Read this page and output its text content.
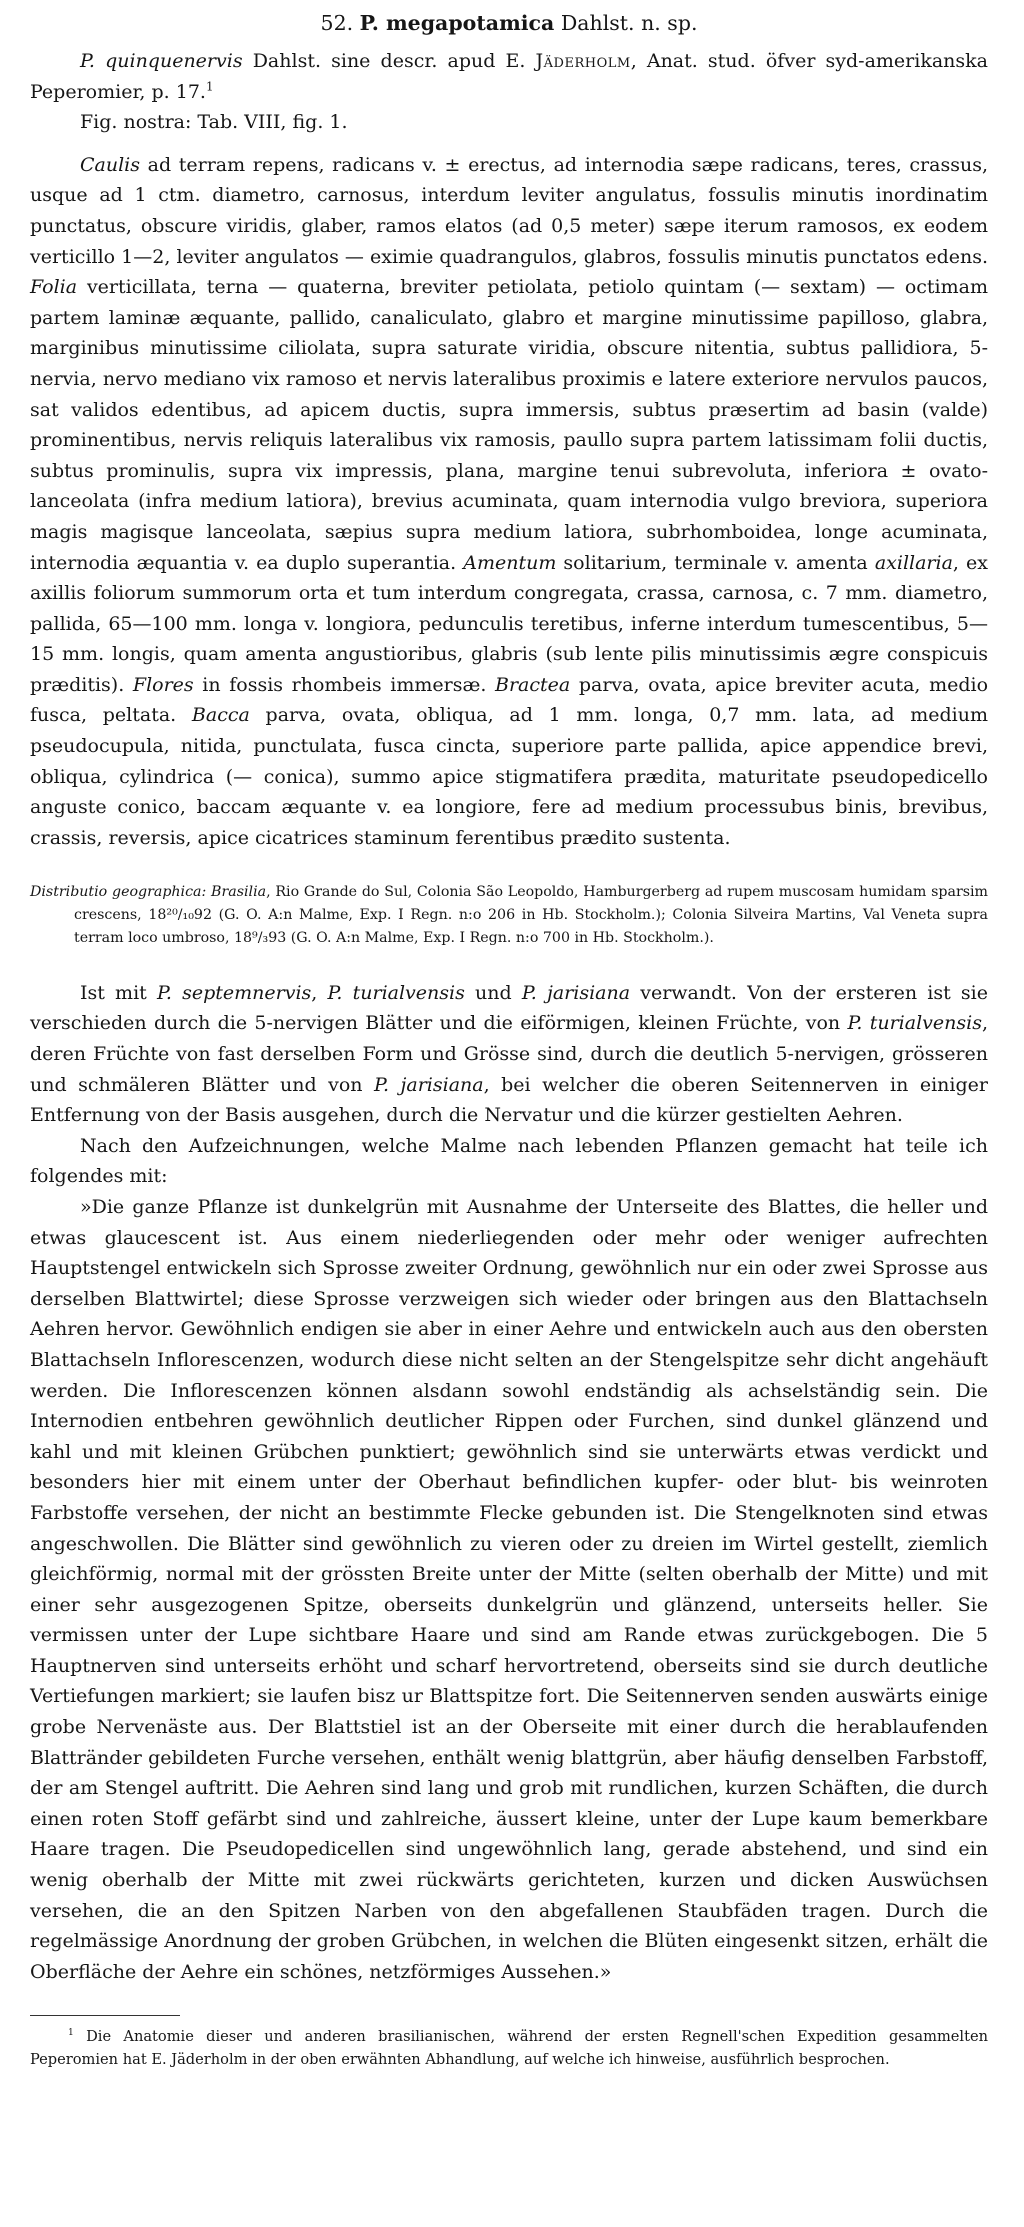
52. P. megapotamica Dahlst. n. sp.

P. quinquenervis Dahlst. sine descr. apud E. Jäderholm, Anat. stud. öfver syd-amerikanska Peperomier, p. 17.$^1$

Fig. nostra: Tab. VIII, fig. 1.

Caulis ad terram repens, radicans v. ± erectus, ad internodia sæpe radicans, teres, crassus, usque ad 1 ctm. diametro, carnosus, interdum leviter angulatus, fossulis minutis inordinatim punctatus, obscure viridis, glaber, ramos elatos (ad 0,5 meter) sæpe iterum ramosos, ex eodem verticillo 1—2, leviter angulatos — eximie quadrangulos, glabros, fossulis minutis punctatos edens. Folia verticillata, terna — quaterna, breviter petiolata, petiolo quintam (— sextam) — octimam partem laminæ æquante, pallido, canaliculato, glabro et margine minutissime papilloso, glabra, marginibus minutissime ciliolata, supra saturate viridia, obscure nitentia, subtus pallidiora, 5-nervia, nervo mediano vix ramoso et nervis lateralibus proximis e latere exteriore nervulos paucos, sat validos edentibus, ad apicem ductis, supra immersis, subtus præsertim ad basin (valde) prominentibus, nervis reliquis lateralibus vix ramosis, paullo supra partem latissimam folii ductis, subtus prominulis, supra vix impressis, plana, margine tenui subrevoluta, inferiora ± ovato-lanceolata (infra medium latiora), brevius acuminata, quam internodia vulgo breviora, superiora magis magisque lanceolata, sæpius supra medium latiora, subrhomboidea, longe acuminata, internodia æquantia v. ea duplo superantia. Amentum solitarium, terminale v. amenta axillaria, ex axillis foliorum summorum orta et tum interdum congregata, crassa, carnosa, c. 7 mm. diametro, pallida, 65—100 mm. longa v. longiora, pedunculis teretibus, inferne interdum tumescentibus, 5—15 mm. longis, quam amenta angustioribus, glabris (sub lente pilis minutissimis ægre conspicuis præditis). Flores in fossis rhombeis immersæ. Bractea parva, ovata, apice breviter acuta, medio fusca, peltata. Bacca parva, ovata, obliqua, ad 1 mm. longa, 0,7 mm. lata, ad medium pseudocupula, nitida, punctulata, fusca cincta, superiore parte pallida, apice appendice brevi, obliqua, cylindrica (— conica), summo apice stigmatifera prædita, maturitate pseudopedicello anguste conico, baccam æquante v. ea longiore, fere ad medium processubus binis, brevibus, crassis, reversis, apice cicatrices staminum ferentibus prædito sustenta.

Distributio geographica: Brasilia, Rio Grande do Sul, Colonia São Leopoldo, Hamburgerberg ad rupem muscosam humidam sparsim crescens, 18²⁰/₁₀92 (G. O. A:n Malme, Exp. I Regn. n:o 206 in Hb. Stockholm.); Colonia Silveira Martins, Val Veneta supra terram loco umbroso, 18⁹/₃93 (G. O. A:n Malme, Exp. I Regn. n:o 700 in Hb. Stockholm.).

Ist mit P. septemnervis, P. turialvensis und P. jarisiana verwandt. Von der ersteren ist sie verschieden durch die 5-nervigen Blätter und die eiförmigen, kleinen Früchte, von P. turialvensis, deren Früchte von fast derselben Form und Grösse sind, durch die deutlich 5-nervigen, grösseren und schmäleren Blätter und von P. jarisiana, bei welcher die oberen Seitennerven in einiger Entfernung von der Basis ausgehen, durch die Nervatur und die kürzer gestielten Aehren.

Nach den Aufzeichnungen, welche Malme nach lebenden Pflanzen gemacht hat teile ich folgendes mit:

»Die ganze Pflanze ist dunkelgrün mit Ausnahme der Unterseite des Blattes, die heller und etwas glaucescent ist. Aus einem niederliegenden oder mehr oder weniger aufrechten Hauptstengel entwickeln sich Sprosse zweiter Ordnung, gewöhnlich nur ein oder zwei Sprosse aus derselben Blattwirtel; diese Sprosse verzweigen sich wieder oder bringen aus den Blattachseln Aehren hervor. Gewöhnlich endigen sie aber in einer Aehre und entwickeln auch aus den obersten Blattachseln Inflorescenzen, wodurch diese nicht selten an der Stengelspitze sehr dicht angehäuft werden. Die Inflorescenzen können alsdann sowohl endständig als achselständig sein. Die Internodien entbehren gewöhnlich deutlicher Rippen oder Furchen, sind dunkel glänzend und kahl und mit kleinen Grübchen punktiert; gewöhnlich sind sie unterwärts etwas verdickt und besonders hier mit einem unter der Oberhaut befindlichen kupfer- oder blut- bis weinroten Farbstoffe versehen, der nicht an bestimmte Flecke gebunden ist. Die Stengelknoten sind etwas angeschwollen. Die Blätter sind gewöhnlich zu vieren oder zu dreien im Wirtel gestellt, ziemlich gleichförmig, normal mit der grössten Breite unter der Mitte (selten oberhalb der Mitte) und mit einer sehr ausgezogenen Spitze, oberseits dunkelgrün und glänzend, unterseits heller. Sie vermissen unter der Lupe sichtbare Haare und sind am Rande etwas zurückgebogen. Die 5 Hauptnerven sind unterseits erhöht und scharf hervortretend, oberseits sind sie durch deutliche Vertiefungen markiert; sie laufen bisz ur Blattspitze fort. Die Seitennerven senden auswärts einige grobe Nervenäste aus. Der Blattstiel ist an der Oberseite mit einer durch die herablaufenden Blattränder gebildeten Furche versehen, enthält wenig blattgrün, aber häufig denselben Farbstoff, der am Stengel auftritt. Die Aehren sind lang und grob mit rundlichen, kurzen Schäften, die durch einen roten Stoff gefärbt sind und zahlreiche, äussert kleine, unter der Lupe kaum bemerkbare Haare tragen. Die Pseudopedicellen sind ungewöhnlich lang, gerade abstehend, und sind ein wenig oberhalb der Mitte mit zwei rückwärts gerichteten, kurzen und dicken Auswüchsen versehen, die an den Spitzen Narben von den abgefallenen Staubfäden tragen. Durch die regelmässige Anordnung der groben Grübchen, in welchen die Blüten eingesenkt sitzen, erhält die Oberfläche der Aehre ein schönes, netzförmiges Aussehen.»

$^1$ Die Anatomie dieser und anderen brasilianischen, während der ersten Regnell'schen Expedition gesammelten Peperomien hat E. Jäderholm in der oben erwähnten Abhandlung, auf welche ich hinweise, ausführlich besprochen.
